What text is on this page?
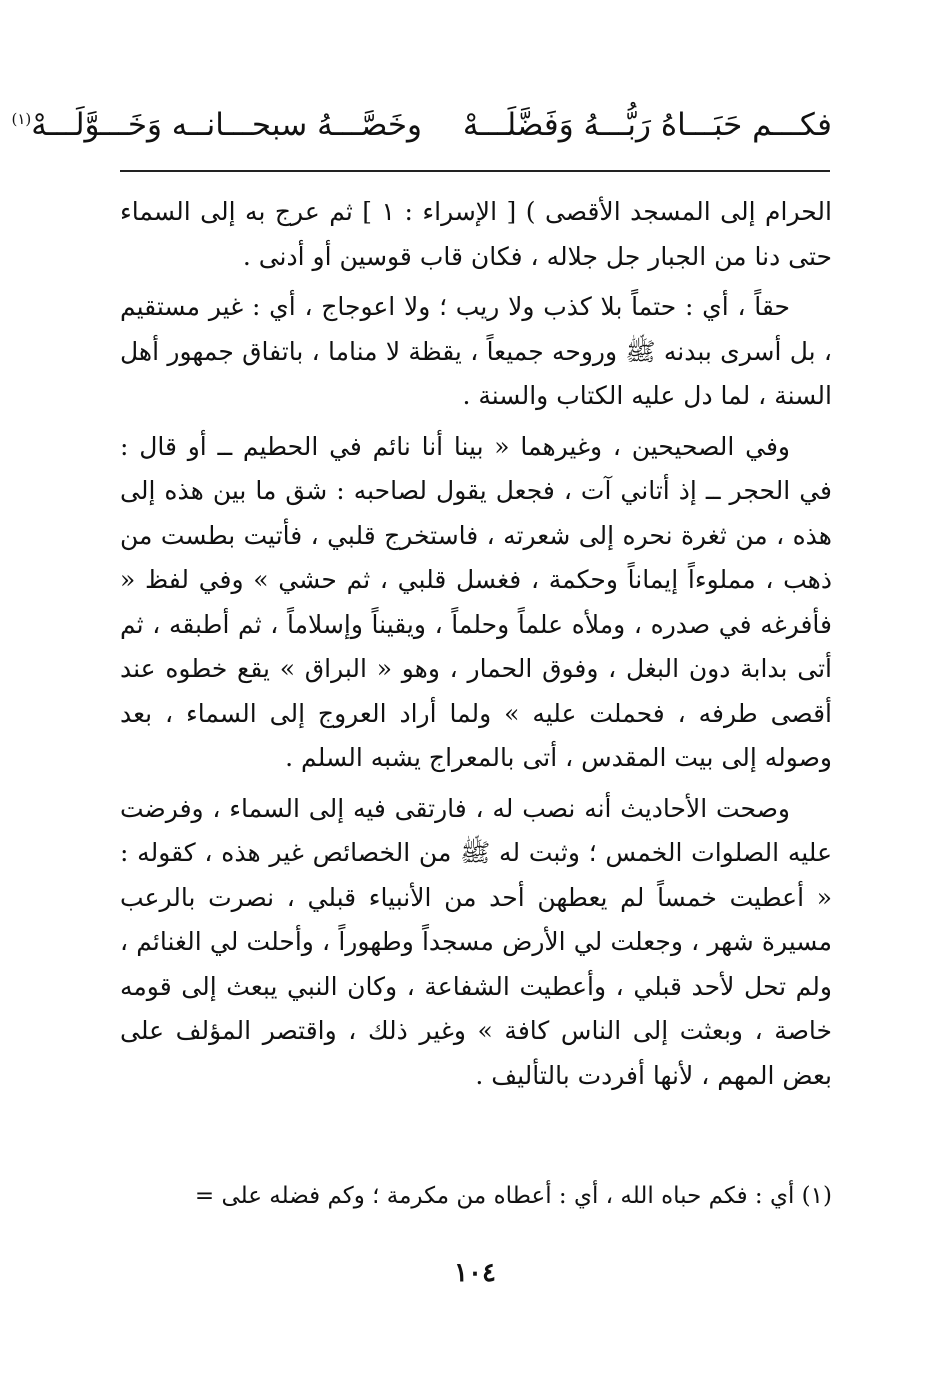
فكـــم حَبَـــاهُ رَبُّـــهُ وَفَضَّلَـــهْ
وخَصَّـــهُ سبحـــانــه وَخَـــوَّلَـــهْ$^{(١)}$

الحرام إلى المسجد الأقصى ) [ الإسراء : ١ ] ثم عرج به إلى السماء حتى دنا من الجبار جل جلاله ، فكان قاب قوسين أو أدنى .

حقاً ، أي : حتماً بلا كذب ولا ريب ؛ ولا اعوجاج ، أي : غير مستقيم ، بل أسرى ببدنه ﷺ وروحه جميعاً ، يقظة لا مناما ، باتفاق جمهور أهل السنة ، لما دل عليه الكتاب والسنة .

وفي الصحيحين ، وغيرهما « بينا أنا نائم في الحطيم ــ أو قال : في الحجر ــ إذ أتاني آت ، فجعل يقول لصاحبه : شق ما بين هذه إلى هذه ، من ثغرة نحره إلى شعرته ، فاستخرج قلبي ، فأتيت بطست من ذهب ، مملوءاً إيماناً وحكمة ، فغسل قلبي ، ثم حشي » وفي لفظ « فأفرغه في صدره ، وملأه علماً وحلماً ، ويقيناً وإسلاماً ، ثم أطبقه ، ثم أتى بدابة دون البغل ، وفوق الحمار ، وهو « البراق » يقع خطوه عند أقصى طرفه ، فحملت عليه » ولما أراد العروج إلى السماء ، بعد وصوله إلى بيت المقدس ، أتى بالمعراج يشبه السلم .

وصحت الأحاديث أنه نصب له ، فارتقى فيه إلى السماء ، وفرضت عليه الصلوات الخمس ؛ وثبت له ﷺ من الخصائص غير هذه ، كقوله : « أعطيت خمساً لم يعطهن أحد من الأنبياء قبلي ، نصرت بالرعب مسيرة شهر ، وجعلت لي الأرض مسجداً وطهوراً ، وأحلت لي الغنائم ، ولم تحل لأحد قبلي ، وأعطيت الشفاعة ، وكان النبي يبعث إلى قومه خاصة ، وبعثت إلى الناس كافة » وغير ذلك ، واقتصر المؤلف على بعض المهم ، لأنها أفردت بالتأليف .

(١) أي : فكم حباه الله ، أي : أعطاه من مكرمة ؛ وكم فضله على =
١٠٤
